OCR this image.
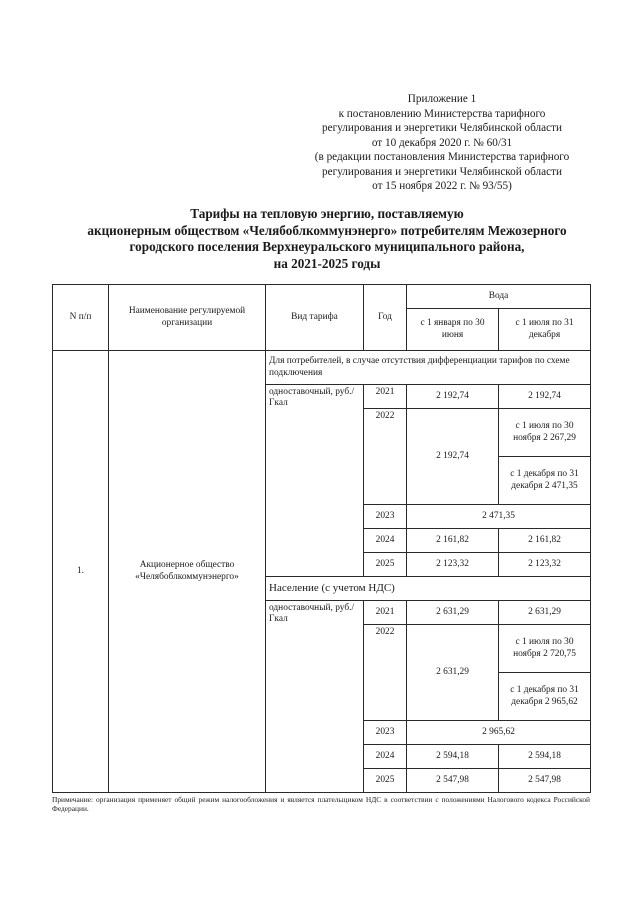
Приложение 1
к постановлению Министерства тарифного
регулирования и энергетики Челябинской области
от 10 декабря 2020 г. № 60/31
(в редакции постановления Министерства тарифного
регулирования и энергетики Челябинской области
от 15 ноября 2022 г. № 93/55)
Тарифы на тепловую энергию, поставляемую
акционерным обществом «Челябоблкоммунэнерго» потребителям Межозерного
городского поселения Верхнеуральского муниципального района,
на 2021-2025 годы
N п/п	Наименование регулируемой организации	Вид тарифа	Год	Вода	
				с 1 января по 30 июня	с 1 июля по 31 декабря
1.	Акционерное общество «Челябоблкоммунэнерго»	Для потребителей, в случае отсутствия дифференциации тарифов по схеме подключения			
		одноставочный, руб./Гкал	2021	2 192,74	2 192,74
			2022	2 192,74	с 1 июля по 30 ноября 2 267,29
					с 1 декабря по 31 декабря 2 471,35
			2023	2 471,35	
			2024	2 161,82	2 161,82
			2025	2 123,32	2 123,32
		Население (с учетом НДС)			
		одноставочный, руб./Гкал	2021	2 631,29	2 631,29
			2022	2 631,29	с 1 июля по 30 ноября 2 720,75
					с 1 декабря по 31 декабря 2 965,62
			2023	2 965,62	
			2024	2 594,18	2 594,18
			2025	2 547,98	2 547,98
Примечание: организация применяет общий режим налогообложения и является плательщиком НДС в соответствии с положениями Налогового кодекса Российской Федерации.
